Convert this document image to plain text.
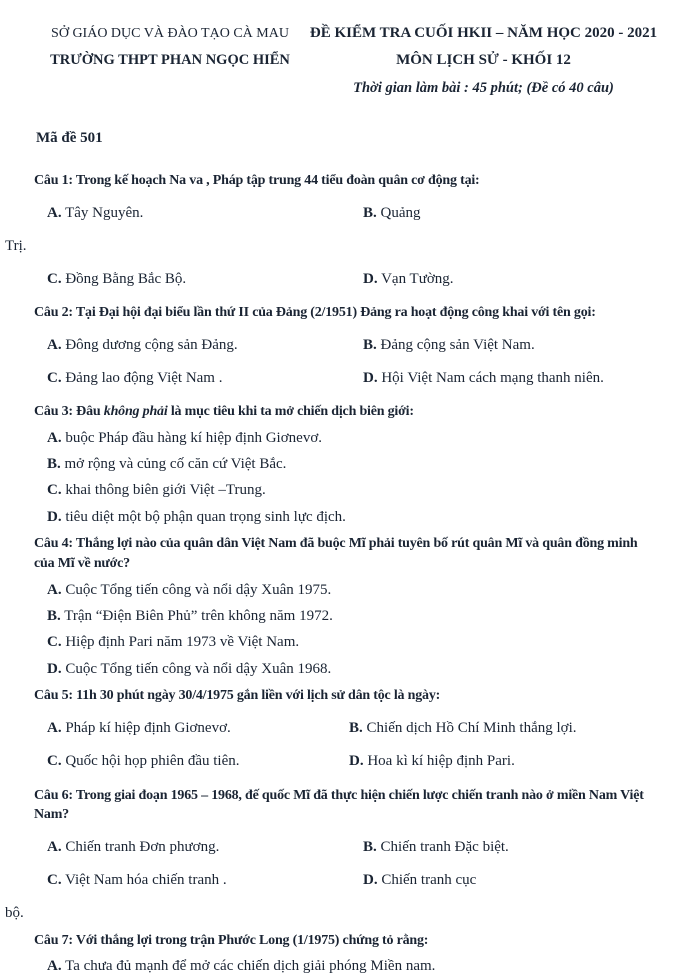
SỞ GIÁO DỤC VÀ ĐÀO TẠO CÀ MAU
TRƯỜNG THPT PHAN NGỌC HIỂN
ĐỀ KIỂM TRA CUỐI HKII – NĂM HỌC 2020 - 2021
MÔN LỊCH SỬ - KHỐI 12
Thời gian làm bài : 45 phút; (Đề có 40 câu)
Mã đề 501
Câu 1: Trong kế hoạch Na va , Pháp tập trung 44 tiểu đoàn quân cơ động tại:
A. Tây Nguyên.	B. Quảng
Trị.
C. Đồng Bằng Bắc Bộ.	D. Vạn Tường.
Câu 2: Tại Đại hội đại biểu lần thứ II của Đảng (2/1951) Đảng ra hoạt động công khai với tên gọi:
A. Đông dương cộng sản Đảng.	B. Đảng cộng sản Việt Nam.
C. Đảng lao động Việt Nam .	D. Hội Việt Nam cách mạng thanh niên.
Câu 3: Đâu không phải là mục tiêu khi ta mở chiến dịch biên giới:
A. buộc Pháp đầu hàng kí hiệp định Giơnevơ.
B. mở rộng và củng cố căn cứ Việt Bắc.
C. khai thông biên giới Việt –Trung.
D. tiêu diệt một bộ phận quan trọng sinh lực địch.
Câu 4: Thắng lợi nào của quân dân Việt Nam đã buộc Mĩ phải tuyên bố rút quân Mĩ và quân đồng minh của Mĩ về nước?
A. Cuộc Tổng tiến công và nổi dậy Xuân 1975.
B. Trận “Điện Biên Phủ” trên không năm 1972.
C. Hiệp định Pari năm 1973 về Việt Nam.
D. Cuộc Tổng tiến công và nổi dậy Xuân 1968.
Câu 5: 11h 30 phút ngày 30/4/1975 gắn liền với lịch sử dân tộc là ngày:
A. Pháp kí hiệp định Giơnevơ.	B. Chiến dịch Hồ Chí Minh thắng lợi.
C. Quốc hội họp phiên đầu tiên.	D. Hoa kì kí hiệp định Pari.
Câu 6: Trong giai đoạn 1965 – 1968, đế quốc Mĩ đã thực hiện chiến lược chiến tranh nào ở miền Nam Việt Nam?
A. Chiến tranh Đơn phương.	B. Chiến tranh Đặc biệt.
C. Việt Nam hóa chiến tranh .	D. Chiến tranh cục
bộ.
Câu 7: Với thắng lợi trong trận Phước Long (1/1975) chứng tỏ rằng:
A. Ta chưa đủ mạnh để mở các chiến dịch giải phóng Miền nam.
